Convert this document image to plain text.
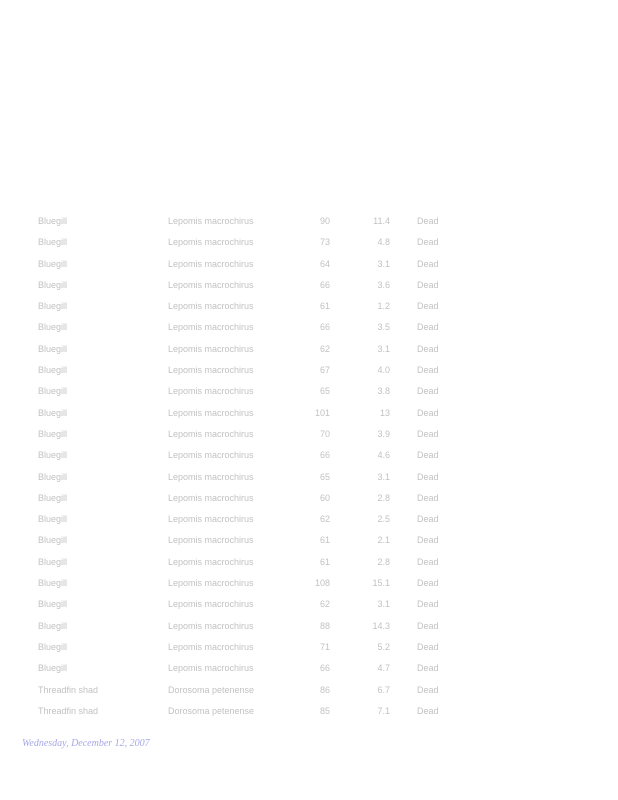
Bluegill	Lepomis macrochirus	90	11.4	Dead
Bluegill	Lepomis macrochirus	73	4.8	Dead
Bluegill	Lepomis macrochirus	64	3.1	Dead
Bluegill	Lepomis macrochirus	66	3.6	Dead
Bluegill	Lepomis macrochirus	61	1.2	Dead
Bluegill	Lepomis macrochirus	66	3.5	Dead
Bluegill	Lepomis macrochirus	62	3.1	Dead
Bluegill	Lepomis macrochirus	67	4.0	Dead
Bluegill	Lepomis macrochirus	65	3.8	Dead
Bluegill	Lepomis macrochirus	101	13	Dead
Bluegill	Lepomis macrochirus	70	3.9	Dead
Bluegill	Lepomis macrochirus	66	4.6	Dead
Bluegill	Lepomis macrochirus	65	3.1	Dead
Bluegill	Lepomis macrochirus	60	2.8	Dead
Bluegill	Lepomis macrochirus	62	2.5	Dead
Bluegill	Lepomis macrochirus	61	2.1	Dead
Bluegill	Lepomis macrochirus	61	2.8	Dead
Bluegill	Lepomis macrochirus	108	15.1	Dead
Bluegill	Lepomis macrochirus	62	3.1	Dead
Bluegill	Lepomis macrochirus	88	14.3	Dead
Bluegill	Lepomis macrochirus	71	5.2	Dead
Bluegill	Lepomis macrochirus	66	4.7	Dead
Threadfin shad	Dorosoma petenense	86	6.7	Dead
Threadfin shad	Dorosoma petenense	85	7.1	Dead
Wednesday, December 12, 2007
